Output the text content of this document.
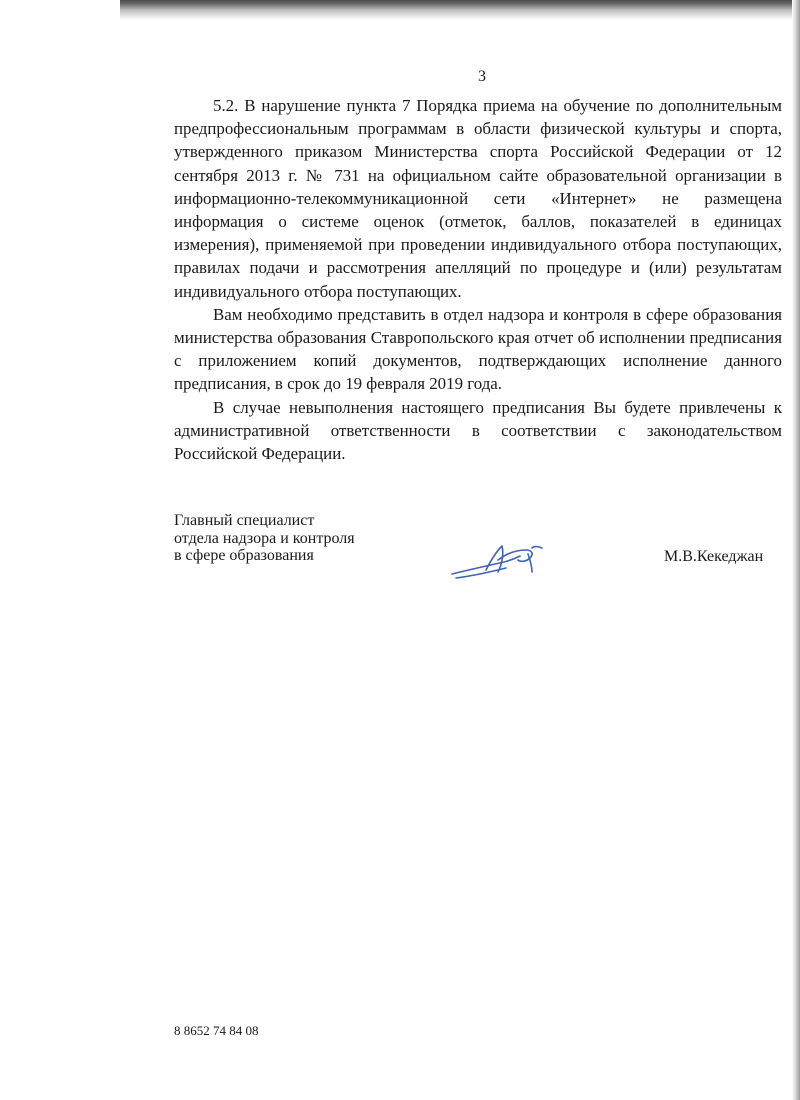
3

5.2. В нарушение пункта 7 Порядка приема на обучение по дополнительным предпрофессиональным программам в области физической культуры и спорта, утвержденного приказом Министерства спорта Российской Федерации от 12 сентября 2013 г. № 731 на официальном сайте образовательной организации в информационно-телекоммуникационной сети «Интернет» не размещена информация о системе оценок (отметок, баллов, показателей в единицах измерения), применяемой при проведении индивидуального отбора поступающих, правилах подачи и рассмотрения апелляций по процедуре и (или) результатам индивидуального отбора поступающих.

Вам необходимо представить в отдел надзора и контроля в сфере образования министерства образования Ставропольского края отчет об исполнении предписания с приложением копий документов, подтверждающих исполнение данного предписания, в срок до 19 февраля 2019 года.

В случае невыполнения настоящего предписания Вы будете привлечены к административной ответственности в соответствии с законодательством Российской Федерации.

Главный специалист
отдела надзора и контроля
в сфере образования	М.В.Кекеджан
8 8652 74 84 08
